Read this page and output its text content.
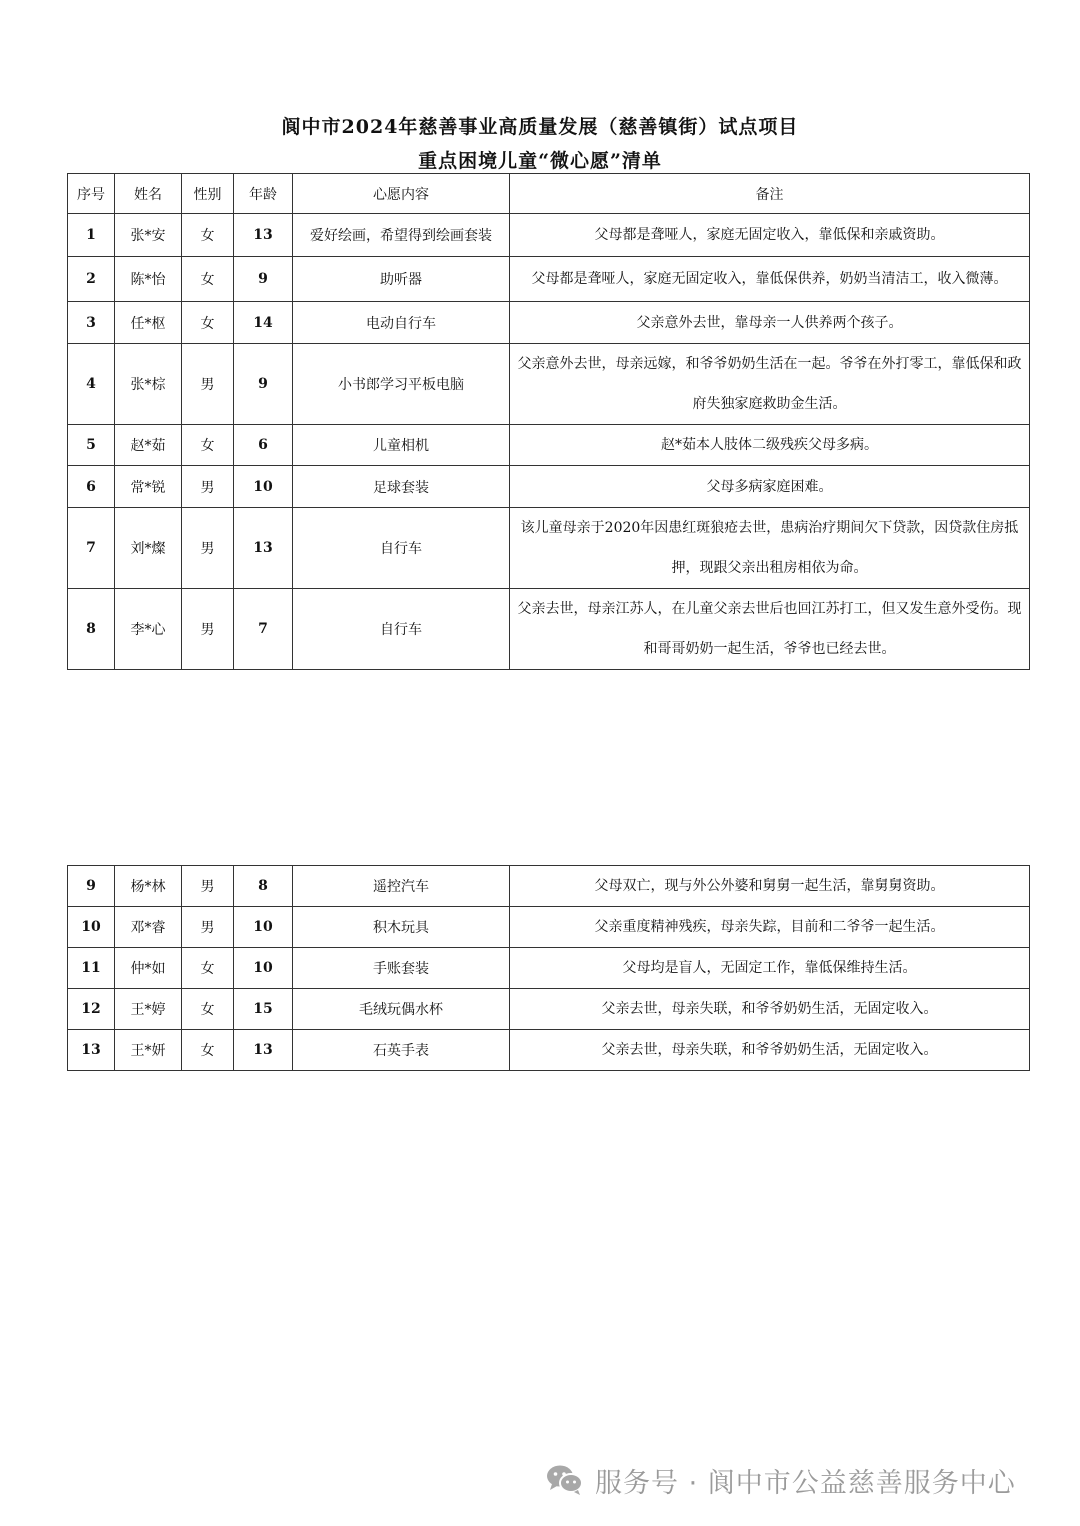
阆中市2024年慈善事业高质量发展（慈善镇街）试点项目
重点困境儿童“微心愿”清单
序号	姓名	性别	年龄	心愿内容	备注
1	张*安	女	13	爱好绘画，希望得到绘画套装	父母都是聋哑人，家庭无固定收入，靠低保和亲戚资助。
2	陈*怡	女	9	助听器	父母都是聋哑人，家庭无固定收入，靠低保供养，奶奶当清洁工，收入微薄。
3	任*枢	女	14	电动自行车	父亲意外去世，靠母亲一人供养两个孩子。
4	张*棕	男	9	小书郎学习平板电脑	父亲意外去世，母亲远嫁，和爷爷奶奶生活在一起。爷爷在外打零工，靠低保和政府失独家庭救助金生活。
5	赵*茹	女	6	儿童相机	赵*茹本人肢体二级残疾父母多病。
6	常*锐	男	10	足球套装	父母多病家庭困难。
7	刘*燦	男	13	自行车	该儿童母亲于2020年因患红斑狼疮去世，患病治疗期间欠下贷款，因贷款住房抵押，现跟父亲出租房相依为命。
8	李*心	男	7	自行车	父亲去世，母亲江苏人，在儿童父亲去世后也回江苏打工，但又发生意外受伤。现和哥哥奶奶一起生活，爷爷也已经去世。
9	杨*林	男	8	遥控汽车	父母双亡，现与外公外婆和舅舅一起生活，靠舅舅资助。
10	邓*睿	男	10	积木玩具	父亲重度精神残疾，母亲失踪，目前和二爷爷一起生活。
11	仲*如	女	10	手账套装	父母均是盲人，无固定工作，靠低保维持生活。
12	王*婷	女	15	毛绒玩偶水杯	父亲去世，母亲失联，和爷爷奶奶生活，无固定收入。
13	王*妍	女	13	石英手表	父亲去世，母亲失联，和爷爷奶奶生活，无固定收入。
服务号 · 阆中市公益慈善服务中心
